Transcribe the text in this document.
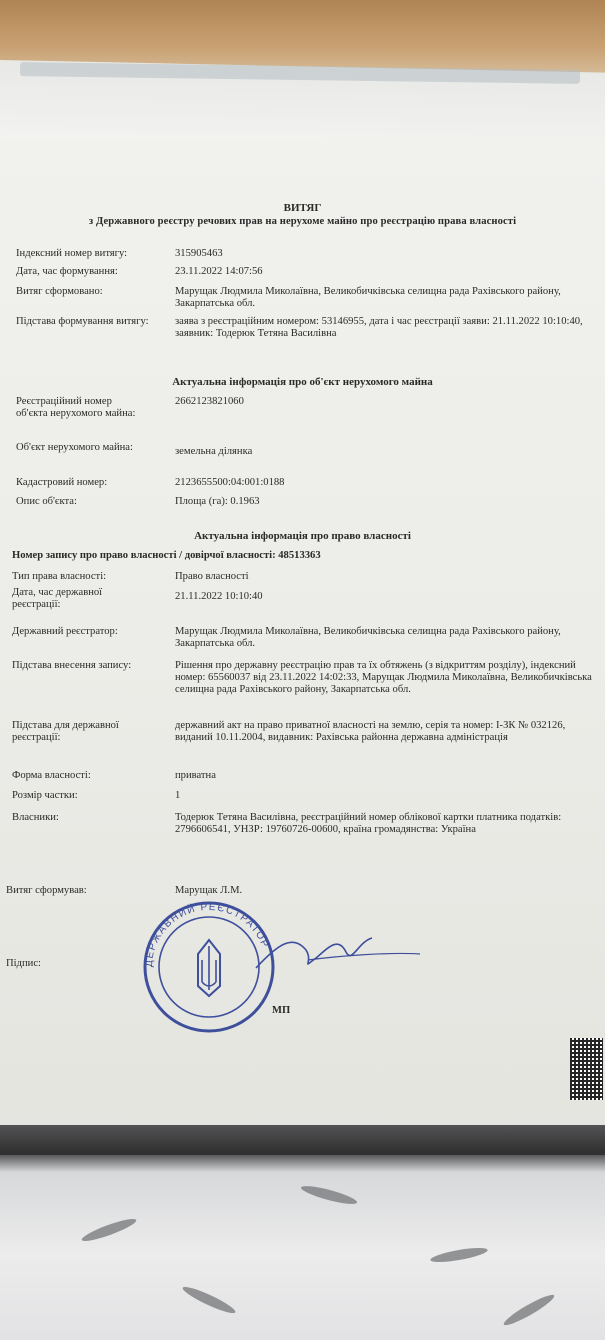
ВИТЯГ
з Державного реєстру речових прав на нерухоме майно про реєстрацію права власності
Індексний номер витягу:	315905463
Дата, час формування:	23.11.2022 14:07:56
Витяг сформовано:	Марущак Людмила Миколаївна, Великобичківська селищна рада Рахівського району, Закарпатська обл.
Підстава формування витягу:	заява з реєстраційним номером: 53146955, дата і час реєстрації заяви: 21.11.2022 10:10:40, заявник: Тодерюк Тетяна Василівна
Актуальна інформація про об'єкт нерухомого майна
Реєстраційний номер об'єкта нерухомого майна:
2662123821060
Об'єкт нерухомого майна:	земельна ділянка
Кадастровий номер:	2123655500:04:001:0188
Опис об'єкта:	Площа (га): 0.1963
Актуальна інформація про право власності
Номер запису про право власності / довірчої власності: 48513363
Тип права власності:	Право власності
Дата, час державної реєстрації:
21.11.2022 10:10:40
Державний реєстратор:	Марущак Людмила Миколаївна, Великобичківська селищна рада Рахівського району, Закарпатська обл.
Підстава внесення запису:	Рішення про державну реєстрацію прав та їх обтяжень (з відкриттям розділу), індексний номер: 65560037 від 23.11.2022 14:02:33, Марущак Людмила Миколаївна, Великобичківська селищна рада Рахівського району, Закарпатська обл.
Підстава для державної реєстрації:
державний акт на право приватної власності на землю, серія та номер: І-ЗК № 032126, виданий 10.11.2004, видавник: Рахівська районна державна адміністрація
Форма власності:	приватна
Розмір частки:	1
Власники:	Тодерюк Тетяна Василівна, реєстраційний номер облікової картки платника податків: 2796606541, УНЗР: 19760726-00600, країна громадянства: Україна
Витяг сформував:	Марущак Л.М.
Підпис:
МП
ДЕРЖАВНИЙ РЕЄСТРАТОР
